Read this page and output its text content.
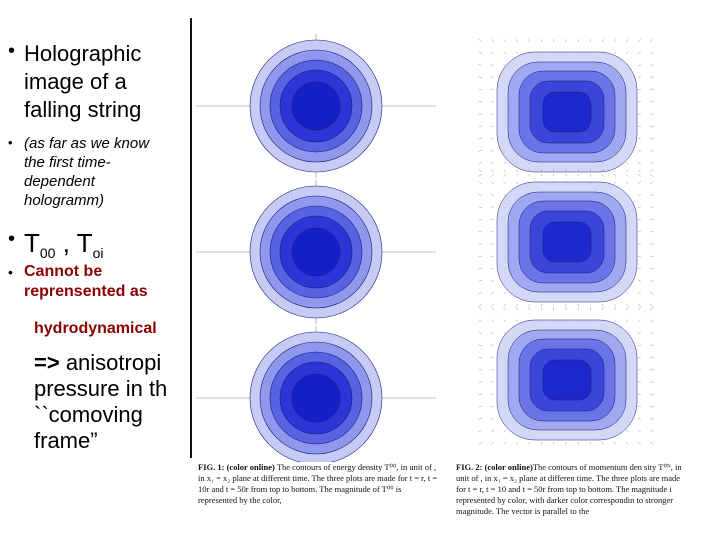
FIG. 1: (color online) The contours of energy density T⁰⁰, in unit of , in x₁ = x₂ plane at different time. The three plots are made for t = r, t = 10r and t = 50r from top to bottom. The magnitude of T⁰⁰ is represented by the color,
FIG. 2: (color online)The contours of momentum den sity T⁰ᴺ, in unit of , in x₁ = x₂ plane at differen time. The three plots are made for t = r, t = 10 and t = 50r from top to bottom. The magnitude i represented by color, with darker color correspondin to stronger magnitude. The vector is parallel to the
• Holographic
image of a
falling string
• (as far as we know
the first time-
dependent
hologramm)
• $T_{00}$ , $T_{oi}$
• Cannot be
reprensented as
hydrodynamical
=> anisotropi
pressure in th
``comoving
frame”
